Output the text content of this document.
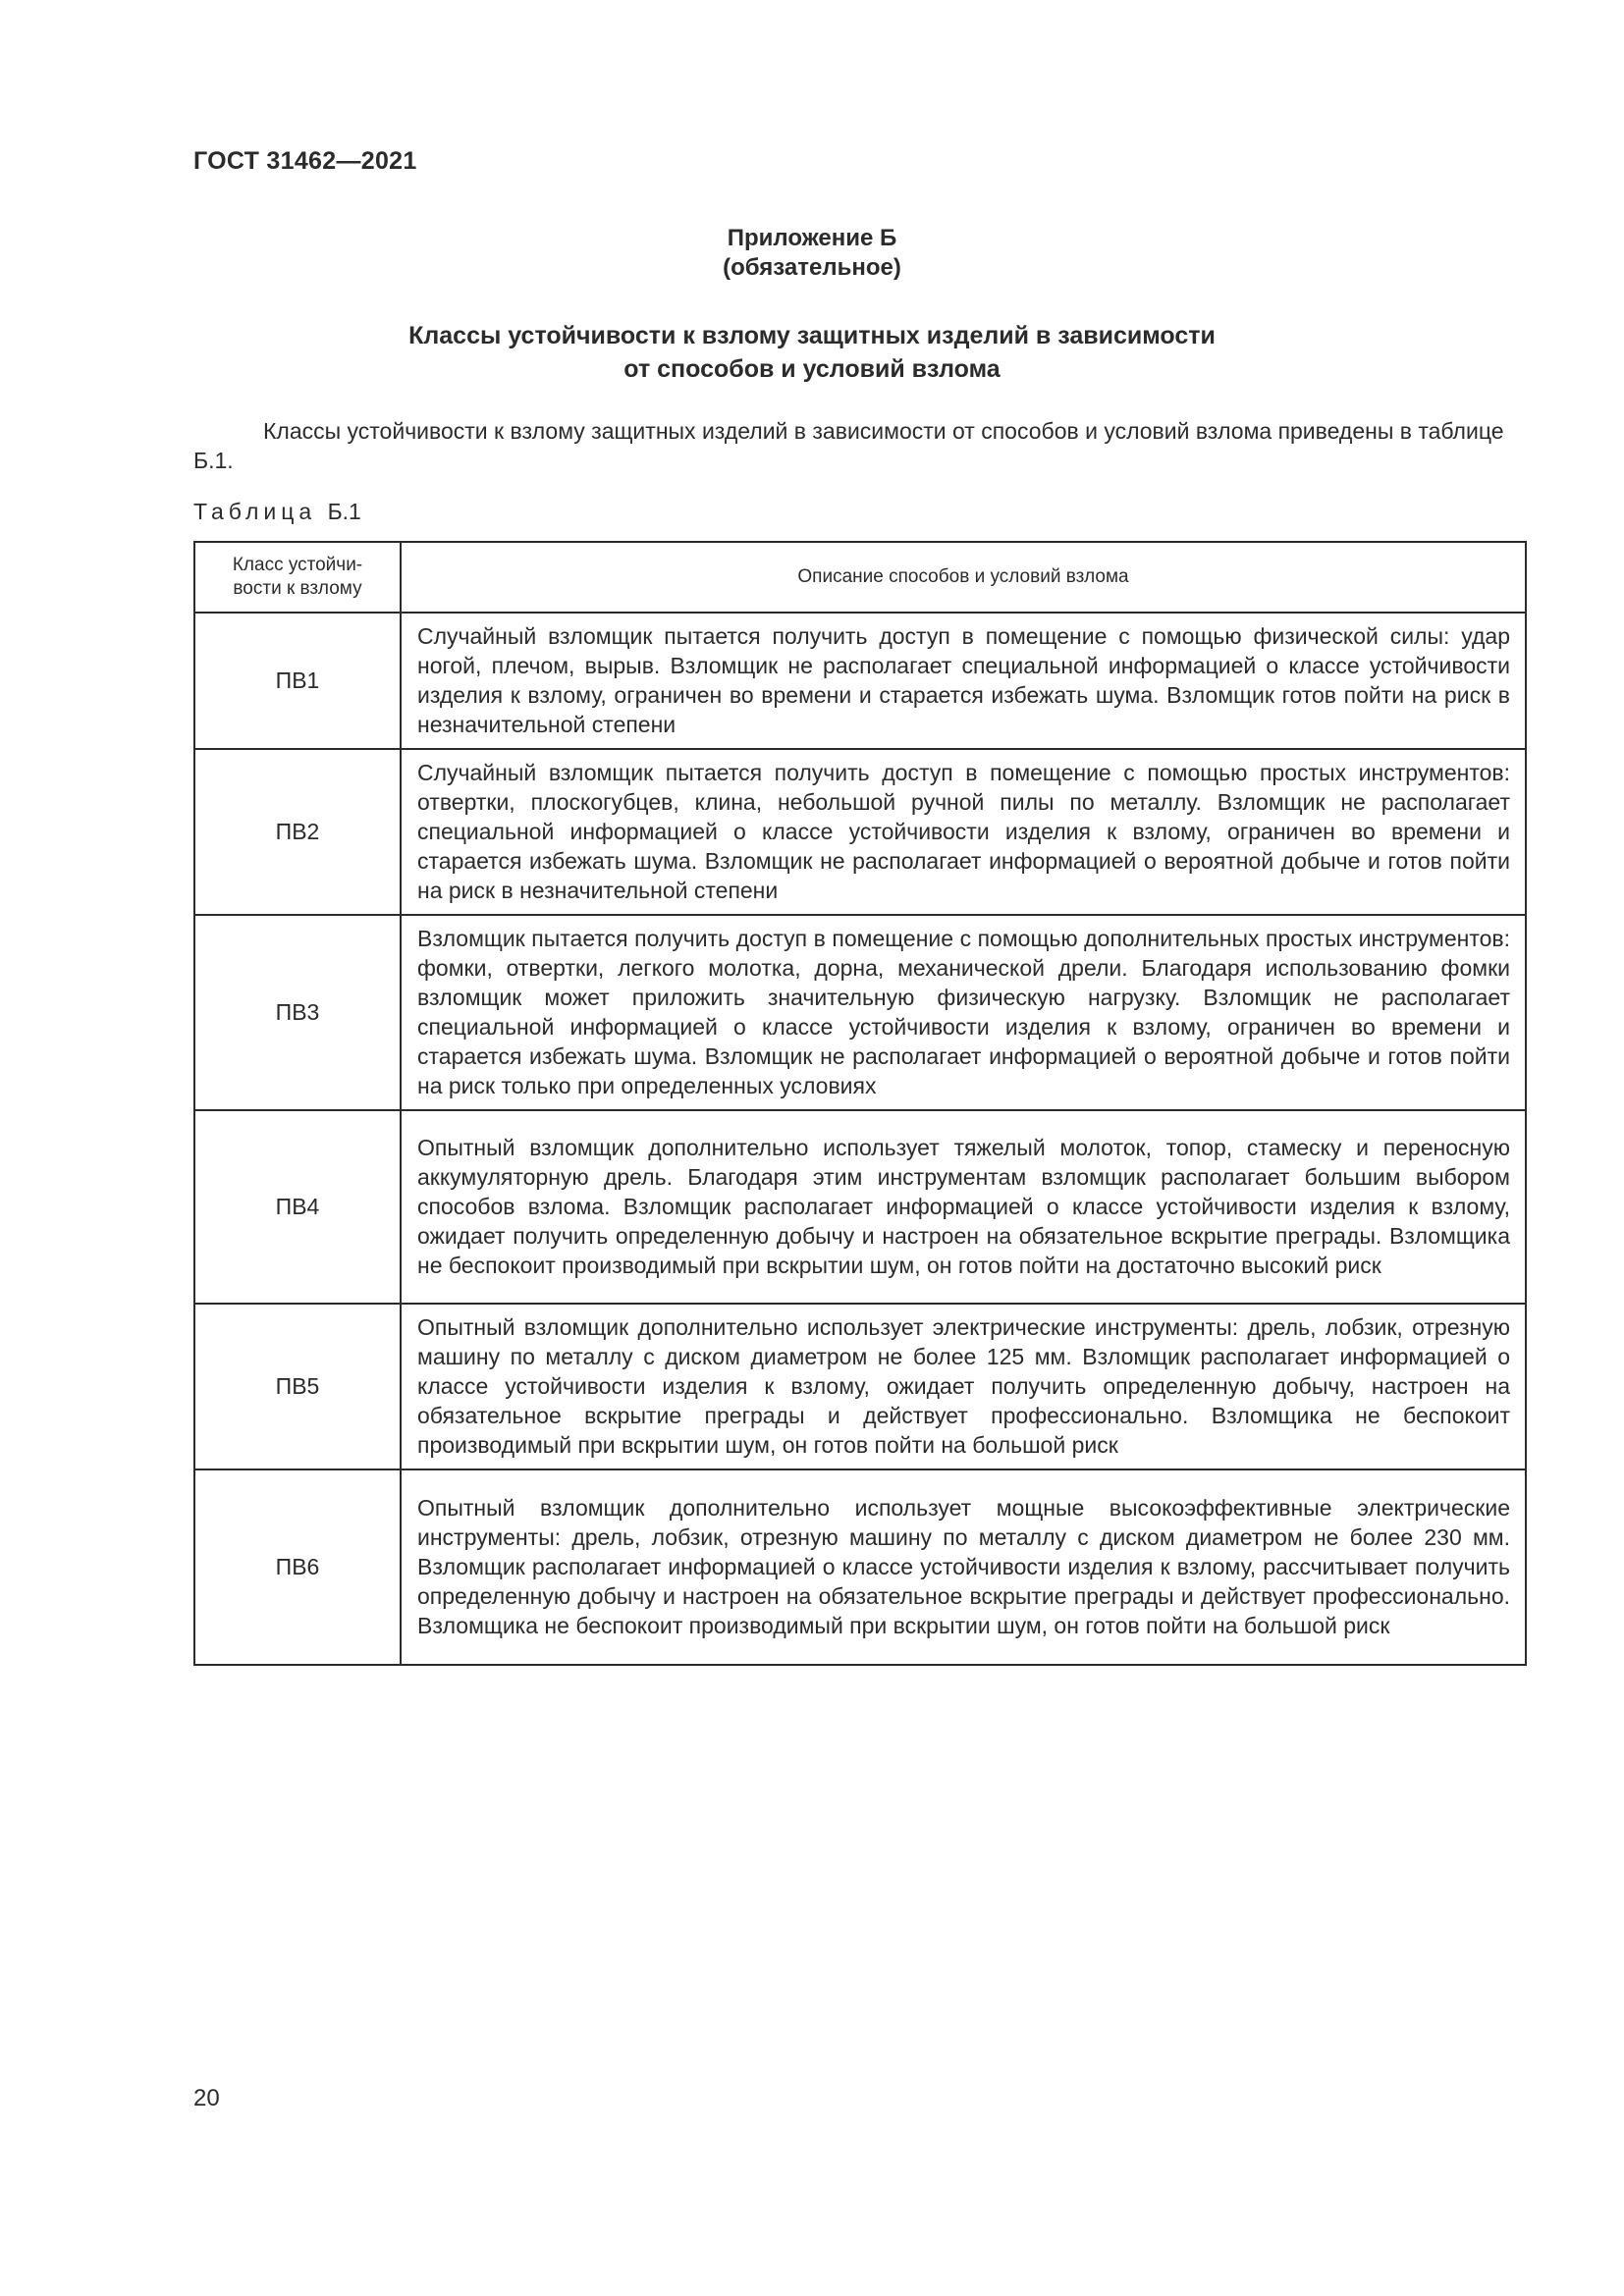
ГОСТ 31462—2021

Приложение Б
(обязательное)
Классы устойчивости к взлому защитных изделий в зависимости
от способов и условий взлома

Классы устойчивости к взлому защитных изделий в зависимости от способов и условий взлома приведены в таблице Б.1.

Таблица Б.1

Класс устойчи-
вости к взлому	Описание способов и условий взлома
ПВ1	Случайный взломщик пытается получить доступ в помещение с помощью физической силы: удар ногой, плечом, вырыв. Взломщик не располагает специальной информацией о классе устойчивости изделия к взлому, ограничен во времени и старается избежать шума. Взломщик готов пойти на риск в незначительной степени
ПВ2	Случайный взломщик пытается получить доступ в помещение с помощью простых инструментов: отвертки, плоскогубцев, клина, небольшой ручной пилы по металлу. Взломщик не располагает специальной информацией о классе устойчивости изделия к взлому, ограничен во времени и старается избежать шума. Взломщик не располагает информацией о вероятной добыче и готов пойти на риск в незначительной степени
ПВ3	Взломщик пытается получить доступ в помещение с помощью дополнительных простых инструментов: фомки, отвертки, легкого молотка, дорна, механической дрели. Благодаря использованию фомки взломщик может приложить значительную физическую нагрузку. Взломщик не располагает специальной информацией о классе устойчивости изделия к взлому, ограничен во времени и старается избежать шума. Взломщик не располагает информацией о вероятной добыче и готов пойти на риск только при определенных условиях
ПВ4	Опытный взломщик дополнительно использует тяжелый молоток, топор, стамеску и переносную аккумуляторную дрель. Благодаря этим инструментам взломщик располагает большим выбором способов взлома. Взломщик располагает информацией о классе устойчивости изделия к взлому, ожидает получить определенную добычу и настроен на обязательное вскрытие преграды. Взломщика не беспокоит производимый при вскрытии шум, он готов пойти на достаточно высокий риск
ПВ5	Опытный взломщик дополнительно использует электрические инструменты: дрель, лобзик, отрезную машину по металлу с диском диаметром не более 125 мм. Взломщик располагает информацией о классе устойчивости изделия к взлому, ожидает получить определенную добычу, настроен на обязательное вскрытие преграды и действует профессионально. Взломщика не беспокоит производимый при вскрытии шум, он готов пойти на большой риск
ПВ6	Опытный взломщик дополнительно использует мощные высокоэффективные электрические инструменты: дрель, лобзик, отрезную машину по металлу с диском диаметром не более 230 мм. Взломщик располагает информацией о классе устойчивости изделия к взлому, рассчитывает получить определенную добычу и настроен на обязательное вскрытие преграды и действует профессионально. Взломщика не беспокоит производимый при вскрытии шум, он готов пойти на большой риск

20
